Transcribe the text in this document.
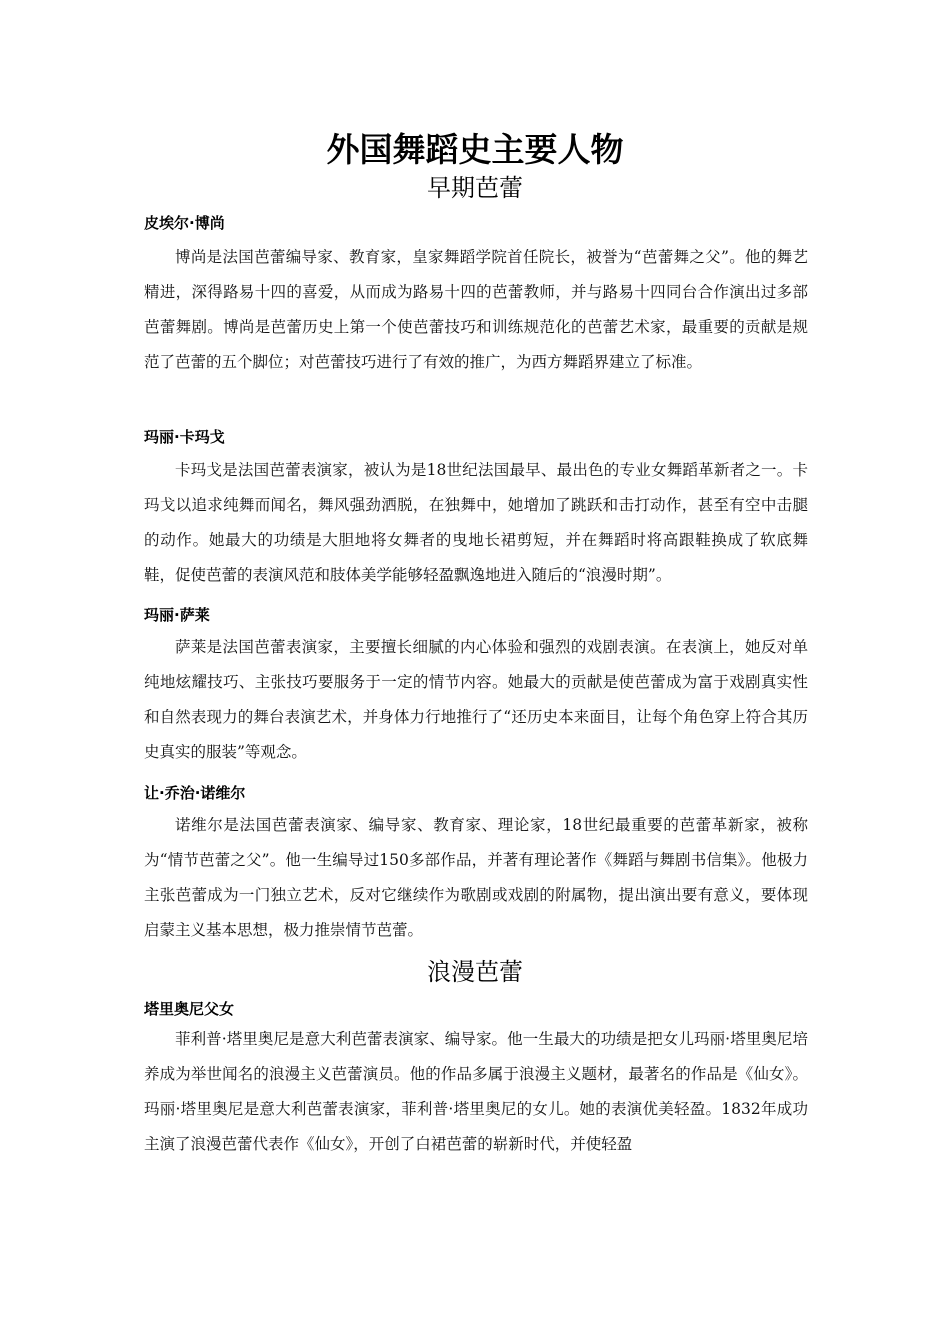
外国舞蹈史主要人物
早期芭蕾
皮埃尔·博尚
博尚是法国芭蕾编导家、教育家，皇家舞蹈学院首任院长，被誉为“芭蕾舞之父”。他的舞艺精进，深得路易十四的喜爱，从而成为路易十四的芭蕾教师，并与路易十四同台合作演出过多部芭蕾舞剧。博尚是芭蕾历史上第一个使芭蕾技巧和训练规范化的芭蕾艺术家，最重要的贡献是规范了芭蕾的五个脚位；对芭蕾技巧进行了有效的推广，为西方舞蹈界建立了标准。
玛丽·卡玛戈
卡玛戈是法国芭蕾表演家，被认为是18世纪法国最早、最出色的专业女舞蹈革新者之一。卡玛戈以追求纯舞而闻名，舞风强劲洒脱，在独舞中，她增加了跳跃和击打动作，甚至有空中击腿的动作。她最大的功绩是大胆地将女舞者的曳地长裙剪短，并在舞蹈时将高跟鞋换成了软底舞鞋，促使芭蕾的表演风范和肢体美学能够轻盈飘逸地进入随后的“浪漫时期”。
玛丽·萨莱
萨莱是法国芭蕾表演家，主要擅长细腻的内心体验和强烈的戏剧表演。在表演上，她反对单纯地炫耀技巧、主张技巧要服务于一定的情节内容。她最大的贡献是使芭蕾成为富于戏剧真实性和自然表现力的舞台表演艺术，并身体力行地推行了“还历史本来面目，让每个角色穿上符合其历史真实的服装”等观念。
让·乔治·诺维尔
诺维尔是法国芭蕾表演家、编导家、教育家、理论家，18世纪最重要的芭蕾革新家，被称为“情节芭蕾之父”。他一生编导过150多部作品，并著有理论著作《舞蹈与舞剧书信集》。他极力主张芭蕾成为一门独立艺术，反对它继续作为歌剧或戏剧的附属物，提出演出要有意义，要体现启蒙主义基本思想，极力推崇情节芭蕾。
浪漫芭蕾
塔里奥尼父女
菲利普·塔里奥尼是意大利芭蕾表演家、编导家。他一生最大的功绩是把女儿玛丽·塔里奥尼培养成为举世闻名的浪漫主义芭蕾演员。他的作品多属于浪漫主义题材，最著名的作品是《仙女》。玛丽·塔里奥尼是意大利芭蕾表演家，菲利普·塔里奥尼的女儿。她的表演优美轻盈。1832年成功主演了浪漫芭蕾代表作《仙女》，开创了白裙芭蕾的崭新时代，并使轻盈
